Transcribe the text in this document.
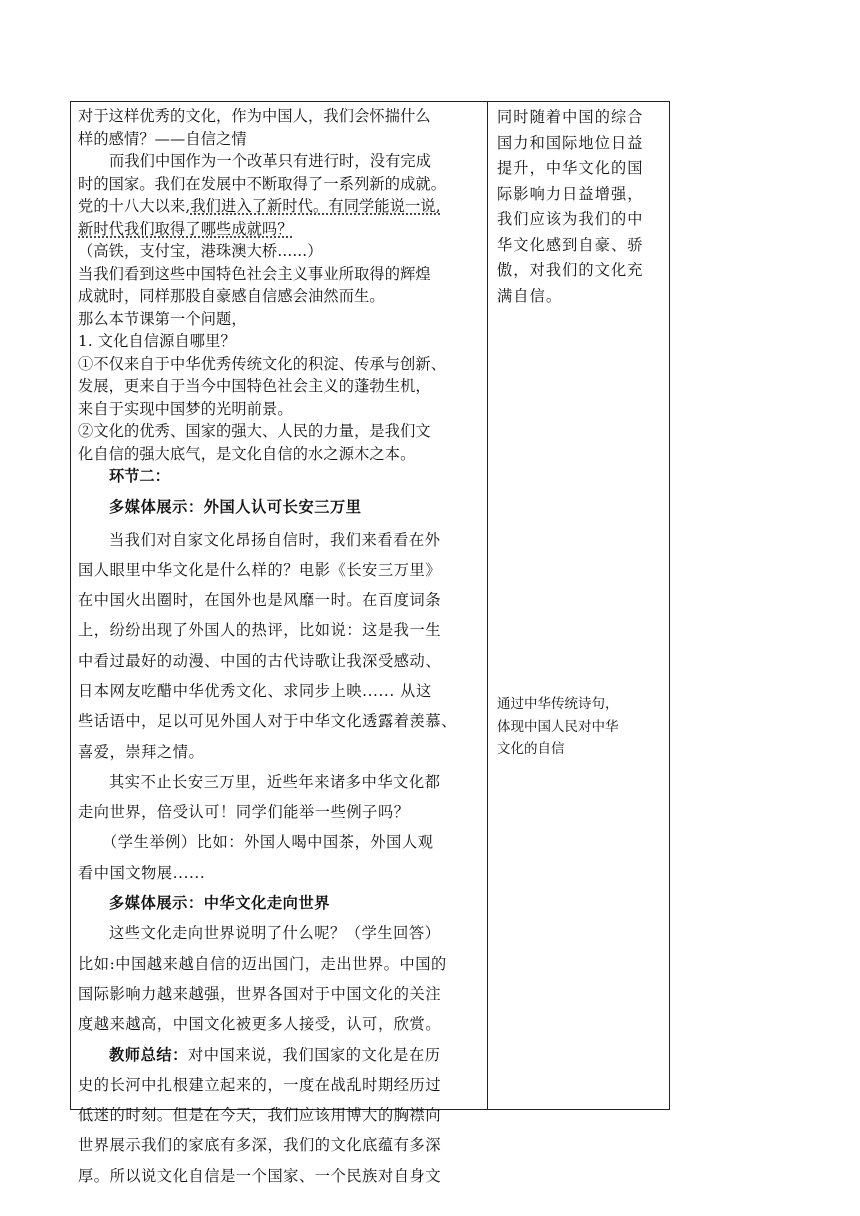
对于这样优秀的文化，作为中国人，我们会怀揣什么
样的感情？——自信之情
而我们中国作为一个改革只有进行时，没有完成
时的国家。我们在发展中不断取得了一系列新的成就。
党的十八大以来,我们进入了新时代。有同学能说一说,
新时代我们取得了哪些成就吗？
（高铁，支付宝，港珠澳大桥......）
当我们看到这些中国特色社会主义事业所取得的辉煌
成就时，同样那股自豪感自信感会油然而生。
那么本节课第一个问题，
1. 文化自信源自哪里？
①不仅来自于中华优秀传统文化的积淀、传承与创新、
发展，更来自于当今中国特色社会主义的蓬勃生机，
来自于实现中国梦的光明前景。
②文化的优秀、国家的强大、人民的力量，是我们文
化自信的强大底气，是文化自信的水之源木之本。
环节二：
多媒体展示：外国人认可长安三万里
当我们对自家文化昂扬自信时，我们来看看在外
国人眼里中华文化是什么样的？电影《长安三万里》
在中国火出圈时，在国外也是风靡一时。在百度词条
上，纷纷出现了外国人的热评，比如说：这是我一生
中看过最好的动漫、中国的古代诗歌让我深受感动、
日本网友吃醋中华优秀文化、求同步上映...... 从这
些话语中，足以可见外国人对于中华文化透露着羡慕、
喜爱，崇拜之情。
其实不止长安三万里，近些年来诸多中华文化都
走向世界，倍受认可！同学们能举一些例子吗？
（学生举例）比如：外国人喝中国茶，外国人观
看中国文物展......
多媒体展示：中华文化走向世界
这些文化走向世界说明了什么呢？（学生回答）
比如:中国越来越自信的迈出国门，走出世界。中国的
国际影响力越来越强，世界各国对于中国文化的关注
度越来越高，中国文化被更多人接受，认可，欣赏。
教师总结：对中国来说，我们国家的文化是在历
史的长河中扎根建立起来的，一度在战乱时期经历过
低迷的时刻。但是在今天，我们应该用博大的胸襟向
世界展示我们的家底有多深，我们的文化底蕴有多深
厚。所以说文化自信是一个国家、一个民族对自身文
同时随着中国的综合
国力和国际地位日益
提升，中华文化的国
际影响力日益增强，
我们应该为我们的中
华文化感到自豪、骄
傲，对我们的文化充
满自信。
通过中华传统诗句，
体现中国人民对中华
文化的自信
